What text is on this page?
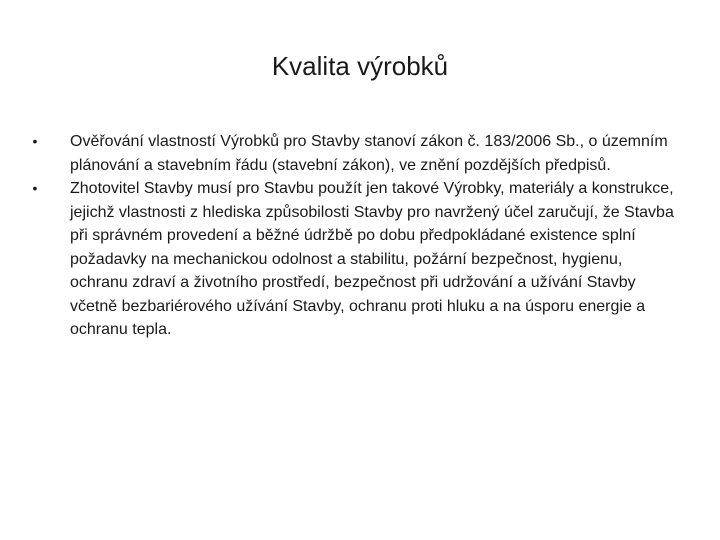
Kvalita výrobků
• Ověřování vlastností Výrobků pro Stavby stanoví zákon č. 183/2006 Sb., o územním plánování a stavebním řádu (stavební zákon), ve znění pozdějších předpisů.
• Zhotovitel Stavby musí pro Stavbu použít jen takové Výrobky, materiály a konstrukce, jejichž vlastnosti z hlediska způsobilosti Stavby pro navržený účel zaručují, že Stavba při správném provedení a běžné údržbě po dobu předpokládané existence splní požadavky na mechanickou odolnost a stabilitu, požární bezpečnost, hygienu, ochranu zdraví a životního prostředí, bezpečnost při udržování a užívání Stavby včetně bezbariérového užívání Stavby, ochranu proti hluku a na úsporu energie a ochranu tepla.
